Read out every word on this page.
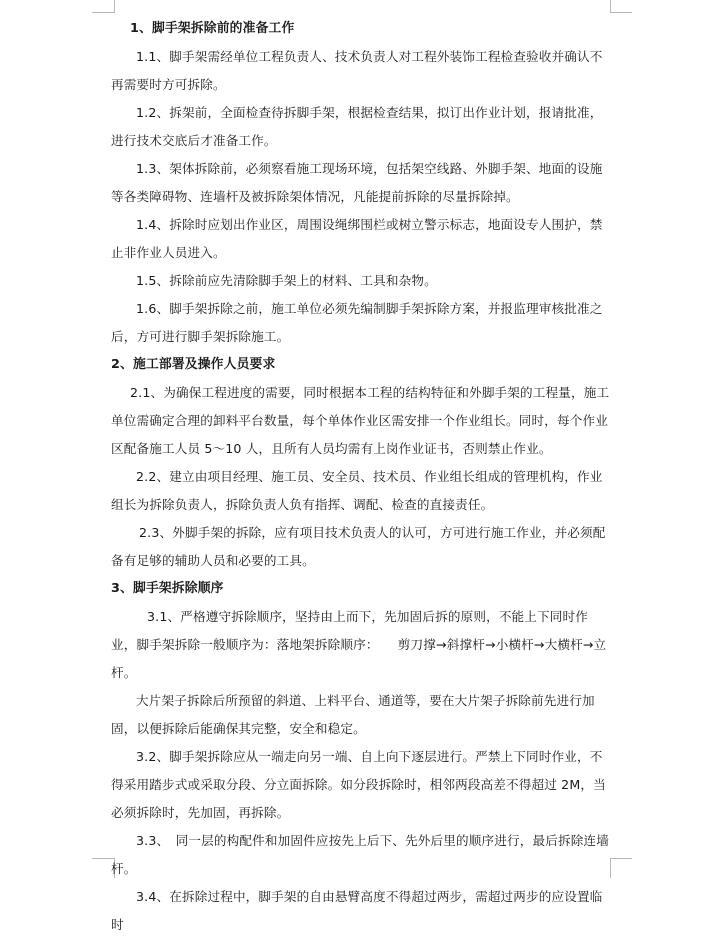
1、脚手架拆除前的准备工作

1.1、脚手架需经单位工程负责人、技术负责人对工程外装饰工程检查验收并确认不再需要时方可拆除。

1.2、拆架前，全面检查待拆脚手架，根据检查结果，拟订出作业计划，报请批准，进行技术交底后才准备工作。

1.3、架体拆除前，必须察看施工现场环境，包括架空线路、外脚手架、地面的设施等各类障碍物、连墙杆及被拆除架体情况，凡能提前拆除的尽量拆除掉。

1.4、拆除时应划出作业区，周围设绳绑围栏或树立警示标志，地面设专人围护，禁止非作业人员进入。

1.5、拆除前应先清除脚手架上的材料、工具和杂物。

1.6、脚手架拆除之前，施工单位必须先编制脚手架拆除方案，并报监理审核批准之后，方可进行脚手架拆除施工。

2、施工部署及操作人员要求

2.1、为确保工程进度的需要，同时根据本工程的结构特征和外脚手架的工程量，施工单位需确定合理的卸料平台数量，每个单体作业区需安排一个作业组长。同时，每个作业区配备施工人员 5～10 人，且所有人员均需有上岗作业证书，否则禁止作业。

2.2、建立由项目经理、施工员、安全员、技术员、作业组长组成的管理机构，作业组长为拆除负责人，拆除负责人负有指挥、调配、检查的直接责任。

2.3、外脚手架的拆除，应有项目技术负责人的认可，方可进行施工作业，并必须配备有足够的辅助人员和必要的工具。

3、脚手架拆除顺序

3.1、严格遵守拆除顺序，坚持由上而下，先加固后拆的原则，不能上下同时作业，脚手架拆除一般顺序为：落地架拆除顺序：　　剪刀撑→斜撑杆→小横杆→大横杆→立杆。

大片架子拆除后所预留的斜道、上料平台、通道等，要在大片架子拆除前先进行加固，以便拆除后能确保其完整，安全和稳定。

3.2、脚手架拆除应从一端走向另一端、自上向下逐层进行。严禁上下同时作业，不得采用踏步式或采取分段、分立面拆除。如分段拆除时，相邻两段高差不得超过 2M，当必须拆除时，先加固，再拆除。

3.3、　同一层的构配件和加固件应按先上后下、先外后里的顺序进行，最后拆除连墙杆。

3.4、在拆除过程中，脚手架的自由悬臂高度不得超过两步，需超过两步的应设置临时
